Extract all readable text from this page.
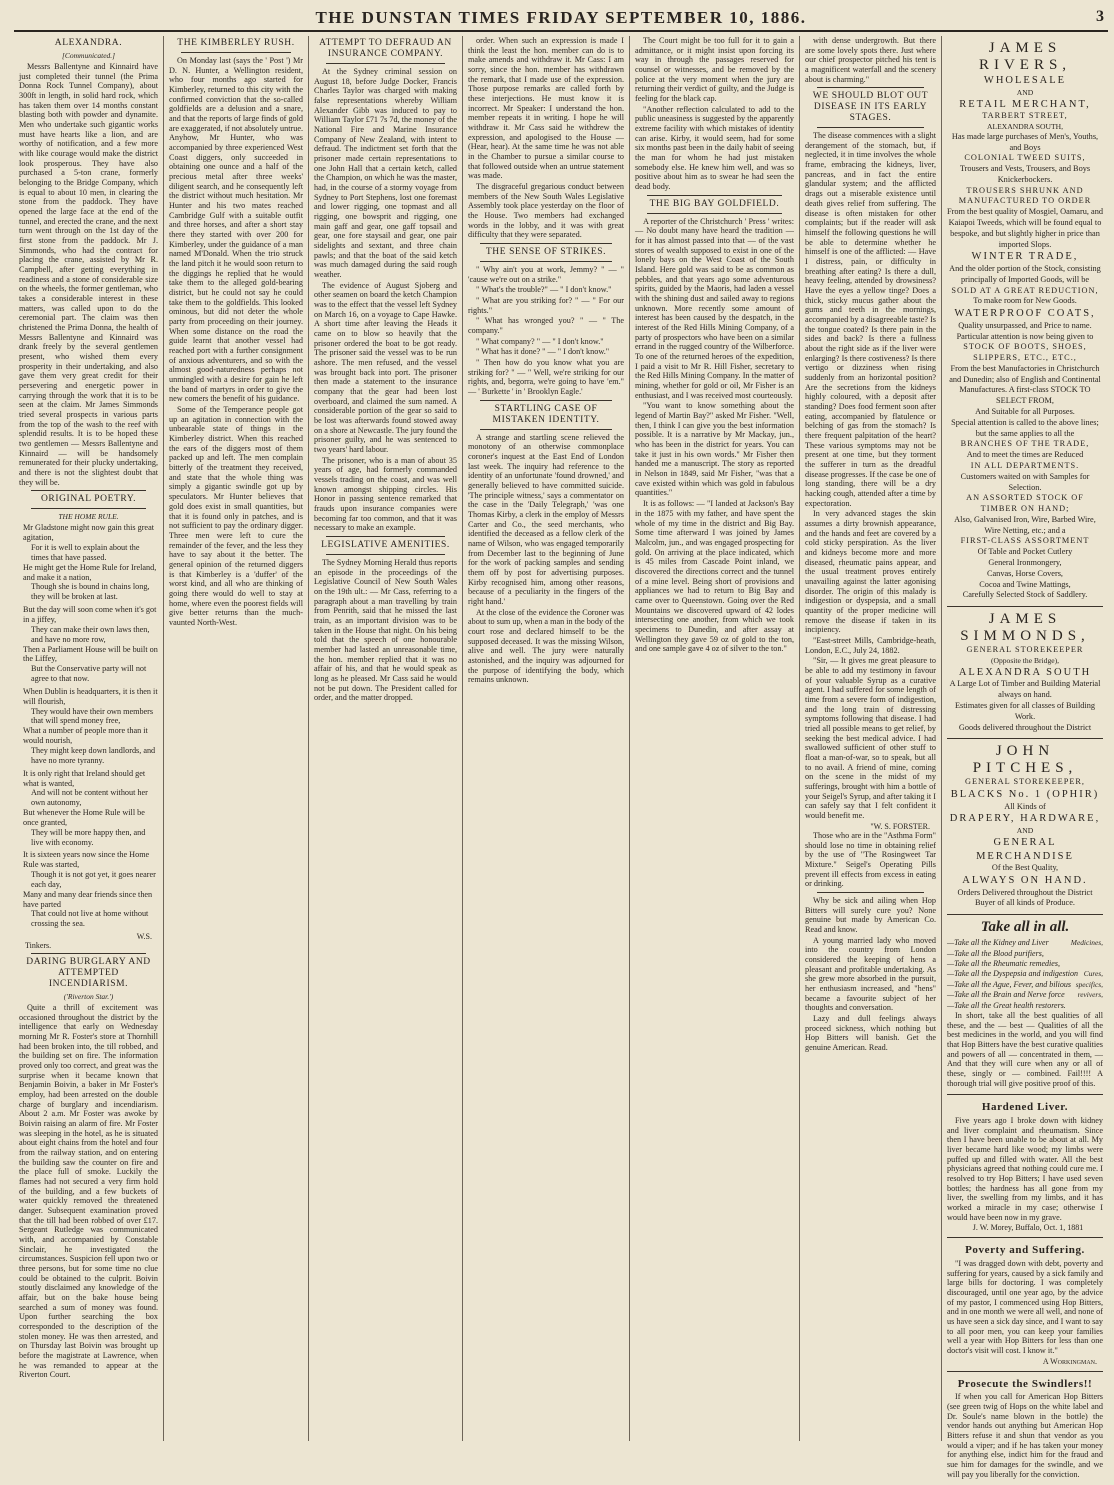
THE DUNSTAN TIMES FRIDAY SEPTEMBER 10, 1886.	3
ALEXANDRA.
[Communicated.]

Messrs Ballentyne and Kinnaird have just completed their tunnel (the Prima Donna Rock Tunnel Company), about 300ft in length, in solid hard rock, which has taken them over 14 months constant blasting both with powder and dynamite. Men who undertake such gigantic works must have hearts like a lion, and are worthy of notification, and a few more with like courage would make the district look prosperous. They have also purchased a 5-ton crane, formerly belonging to the Bridge Company, which is equal to about 10 men, in clearing the stone from the paddock. They have opened the large face at the end of the tunnel, and erected the crane, and the next turn went through on the 1st day of the first stone from the paddock. Mr J. Simmonds, who had the contract for placing the crane, assisted by Mr R. Campbell, after getting everything in readiness and a stone of considerable size on the wheels, the former gentleman, who takes a considerable interest in these matters, was called upon to do the ceremonial part. The claim was then christened the Prima Donna, the health of Messrs Ballentyne and Kinnaird was drank freely by the several gentlemen present, who wished them every prosperity in their undertaking, and also gave them very great credit for their persevering and energetic power in carrying through the work that it is to be seen at the claim. Mr James Simmonds tried several prospects in various parts from the top of the wash to the reef with splendid results. It is to be hoped these two gentlemen — Messrs Ballentyne and Kinnaird — will be handsomely remunerated for their plucky undertaking, and there is not the slightest doubt that they will be.

ORIGINAL POETRY.
THE HOME RULE.
Mr Gladstone might now gain this great agitation,
For it is well to explain about the times that have passed.
He might get the Home Rule for Ireland, and make it a nation,
Though she is bound in chains long, they will be broken at last.
But the day will soon come when it's got in a jiffey,
They can make their own laws then, and have no more row,
Then a Parliament House will be built on the Liffey,
But the Conservative party will not agree to that now.
When Dublin is headquarters, it is then it will flourish,
They would have their own members that will spend money free,
What a number of people more than it would nourish,
They might keep down landlords, and have no more tyranny.
It is only right that Ireland should get what is wanted,
And will not be content without her own autonomy,
But whenever the Home Rule will be once granted,
They will be more happy then, and live with economy.
It is sixteen years now since the Home Rule was started,
Though it is not got yet, it goes nearer each day,
Many and many dear friends since then have parted
That could not live at home without crossing the sea.
W.S.
Tinkers.
DARING BURGLARY AND ATTEMPTED INCENDIARISM.
('Riverton Star.')

Quite a thrill of excitement was occasioned throughout the district by the intelligence that early on Wednesday morning Mr R. Foster's store at Thornhill had been broken into, the till robbed, and the building set on fire. The information proved only too correct, and great was the surprise when it became known that Benjamin Boivin, a baker in Mr Foster's employ, had been arrested on the double charge of burglary and incendiarism. About 2 a.m. Mr Foster was awoke by Boivin raising an alarm of fire. Mr Foster was sleeping in the hotel, as he is situated about eight chains from the hotel and four from the railway station, and on entering the building saw the counter on fire and the place full of smoke. Luckily the flames had not secured a very firm hold of the building, and a few buckets of water quickly removed the threatened danger. Subsequent examination proved that the till had been robbed of over £17. Sergeant Rutledge was communicated with, and accompanied by Constable Sinclair, he investigated the circumstances. Suspicion fell upon two or three persons, but for some time no clue could be obtained to the culprit. Boivin stoutly disclaimed any knowledge of the affair, but on the bake house being searched a sum of money was found. Upon further searching the box corresponded to the description of the stolen money. He was then arrested, and on Thursday last Boivin was brought up before the magistrate at Lawrence, when he was remanded to appear at the Riverton Court.

THE KIMBERLEY RUSH.

On Monday last (says the ' Post ') Mr D. N. Hunter, a Wellington resident, who four months ago started for Kimberley, returned to this city with the confirmed conviction that the so-called goldfields are a delusion and a snare, and that the reports of large finds of gold are exaggerated, if not absolutely untrue. Anyhow, Mr Hunter, who was accompanied by three experienced West Coast diggers, only succeeded in obtaining one ounce and a half of the precious metal after three weeks' diligent search, and he consequently left the district without much hesitation. Mr Hunter and his two mates reached Cambridge Gulf with a suitable outfit and three horses, and after a short stay there they started with over 200 for Kimberley, under the guidance of a man named M'Donald. When the trio struck the land pitch it he would soon return to the diggings he replied that he would take them to the alleged gold-bearing district, but he could not say he could take them to the goldfields. This looked ominous, but did not deter the whole party from proceeding on their journey. When some distance on the road the guide learnt that another vessel had reached port with a further consignment of anxious adventurers, and so with the almost good-naturedness perhaps not unmingled with a desire for gain he left the band of martyrs in order to give the new comers the benefit of his guidance.

Some of the Temperance people got up an agitation in connection with the unbearable state of things in the Kimberley district. When this reached the ears of the diggers most of them packed up and left. The men complain bitterly of the treatment they received, and state that the whole thing was simply a gigantic swindle got up by speculators. Mr Hunter believes that gold does exist in small quantities, but that it is found only in patches, and is not sufficient to pay the ordinary digger. Three men were left to cure the remainder of the fever, and the less they have to say about it the better. The general opinion of the returned diggers is that Kimberley is a 'duffer' of the worst kind, and all who are thinking of going there would do well to stay at home, where even the poorest fields will give better returns than the much-vaunted North-West.

ATTEMPT TO DEFRAUD AN INSURANCE COMPANY.

At the Sydney criminal session on August 18, before Judge Docker, Francis Charles Taylor was charged with making false representations whereby William Alexander Gibb was induced to pay to William Taylor £71 7s 7d, the money of the National Fire and Marine Insurance Company of New Zealand, with intent to defraud. The indictment set forth that the prisoner made certain representations to one John Hall that a certain ketch, called the Champion, on which he was the master, had, in the course of a stormy voyage from Sydney to Port Stephens, lost one foremast and lower rigging, one topmast and all rigging, one bowsprit and rigging, one main gaff and gear, one gaff topsail and gear, one fore staysail and gear, one pair sidelights and sextant, and three chain pawls; and that the boat of the said ketch was much damaged during the said rough weather.

The evidence of August Sjoberg and other seamen on board the ketch Champion was to the effect that the vessel left Sydney on March 16, on a voyage to Cape Hawke. A short time after leaving the Heads it came on to blow so heavily that the prisoner ordered the boat to be got ready. The prisoner said the vessel was to be run ashore. The men refused, and the vessel was brought back into port. The prisoner then made a statement to the insurance company that the gear had been lost overboard, and claimed the sum named. A considerable portion of the gear so said to be lost was afterwards found stowed away on a shore at Newcastle. The jury found the prisoner guilty, and he was sentenced to two years' hard labour.

The prisoner, who is a man of about 35 years of age, had formerly commanded vessels trading on the coast, and was well known amongst shipping circles. His Honor in passing sentence remarked that frauds upon insurance companies were becoming far too common, and that it was necessary to make an example.

LEGISLATIVE AMENITIES.

The Sydney Morning Herald thus reports an episode in the proceedings of the Legislative Council of New South Wales on the 19th ult.: — Mr Cass, referring to a paragraph about a man travelling by train from Penrith, said that he missed the last train, as an important division was to be taken in the House that night. On his being told that the speech of one honourable member had lasted an unreasonable time, the hon. member replied that it was no affair of his, and that he would speak as long as he pleased. Mr Cass said he would not be put down. The President called for order, and the matter dropped.

order. When such an expression is made I think the least the hon. member can do is to make amends and withdraw it. Mr Cass: I am sorry, since the hon. member has withdrawn the remark, that I made use of the expression. Those purpose remarks are called forth by these interjections. He must know it is incorrect. Mr Speaker: I understand the hon. member repeats it in writing. I hope he will withdraw it. Mr Cass said he withdrew the expression, and apologised to the House — (Hear, hear). At the same time he was not able in the Chamber to pursue a similar course to that followed outside when an untrue statement was made.

The disgraceful gregarious conduct between members of the New South Wales Legislative Assembly took place yesterday on the floor of the House. Two members had exchanged words in the lobby, and it was with great difficulty that they were separated.

THE SENSE OF STRIKES.

" Why ain't you at work, Jemmy? " — " 'cause we're out on a strike."

" What's the trouble?" — " I don't know."

" What are you striking for? " — " For our rights."

" What has wronged you? " — " The company."

" What company? " — " I don't know."

" What has it done? " — " I don't know."

" Then how do you know what you are striking for? " — " Well, we're striking for our rights, and, begorra, we're going to have 'em." — ' Burkette ' in ' Brooklyn Eagle.'

STARTLING CASE OF MISTAKEN IDENTITY.

A strange and startling scene relieved the monotony of an otherwise commonplace coroner's inquest at the East End of London last week. The inquiry had reference to the identity of an unfortunate 'found drowned,' and generally believed to have committed suicide. 'The principle witness,' says a commentator on the case in the 'Daily Telegraph,' 'was one Thomas Kirby, a clerk in the employ of Messrs Carter and Co., the seed merchants, who identified the deceased as a fellow clerk of the name of Wilson, who was engaged temporarily from December last to the beginning of June for the work of packing samples and sending them off by post for advertising purposes. Kirby recognised him, among other reasons, because of a peculiarity in the fingers of the right hand.'

At the close of the evidence the Coroner was about to sum up, when a man in the body of the court rose and declared himself to be the supposed deceased. It was the missing Wilson, alive and well. The jury were naturally astonished, and the inquiry was adjourned for the purpose of identifying the body, which remains unknown.

The Court might be too full for it to gain a admittance, or it might insist upon forcing its way in through the passages reserved for counsel or witnesses, and be removed by the police at the very moment when the jury are returning their verdict of guilty, and the Judge is feeling for the black cap.

"Another reflection calculated to add to the public uneasiness is suggested by the apparently extreme facility with which mistakes of identity can arise. Kirby, it would seem, had for some six months past been in the daily habit of seeing the man for whom he had just mistaken somebody else. He knew him well, and was so positive about him as to swear he had seen the dead body.

THE BIG BAY GOLDFIELD.

A reporter of the Christchurch ' Press ' writes: — No doubt many have heard the tradition — for it has almost passed into that — of the vast stores of wealth supposed to exist in one of the lonely bays on the West Coast of the South Island. Here gold was said to be as common as pebbles, and that years ago some adventurous spirits, guided by the Maoris, had laden a vessel with the shining dust and sailed away to regions unknown. More recently some amount of interest has been caused by the despatch, in the interest of the Red Hills Mining Company, of a party of prospectors who have been on a similar errand in the rugged country of the Wilberforce. To one of the returned heroes of the expedition, I paid a visit to Mr R. Hill Fisher, secretary to the Red Hills Mining Company. In the matter of mining, whether for gold or oil, Mr Fisher is an enthusiast, and I was received most courteously.

"You want to know something about the legend of Martin Bay?" asked Mr Fisher. "Well, then, I think I can give you the best information possible. It is a narrative by Mr Mackay, jun., who has been in the district for years. You can take it just in his own words." Mr Fisher then handed me a manuscript. The story as reported in Nelson in 1849, said Mr Fisher, "was that a cave existed within which was gold in fabulous quantities."

It is as follows: — "I landed at Jackson's Bay in the 1875 with my father, and have spent the whole of my time in the district and Big Bay. Some time afterward I was joined by James Malcolm, jun., and was engaged prospecting for gold. On arriving at the place indicated, which is 45 miles from Cascade Point inland, we discovered the directions correct and the tunnel of a mine level. Being short of provisions and appliances we had to return to Big Bay and came over to Queenstown. Going over the Red Mountains we discovered upward of 42 lodes intersecting one another, from which we took specimens to Dunedin, and after assay at Wellington they gave 59 oz of gold to the ton, and one sample gave 4 oz of silver to the ton."

with dense undergrowth. But there are some lovely spots there. Just where our chief prospector pitched his tent is a magnificent waterfall and the scenery about is charming."

WE SHOULD BLOT OUT DISEASE IN ITS EARLY STAGES.

The disease commences with a slight derangement of the stomach, but, if neglected, it in time involves the whole frame, embracing the kidneys, liver, pancreas, and in fact the entire glandular system; and the afflicted drags out a miserable existence until death gives relief from suffering. The disease is often mistaken for other complaints; but if the reader will ask himself the following questions he will be able to determine whether he himself is one of the afflicted: — Have I distress, pain, or difficulty in breathing after eating? Is there a dull, heavy feeling, attended by drowsiness? Have the eyes a yellow tinge? Does a thick, sticky mucus gather about the gums and teeth in the mornings, accompanied by a disagreeable taste? Is the tongue coated? Is there pain in the sides and back? Is there a fullness about the right side as if the liver were enlarging? Is there costiveness? Is there vertigo or dizziness when rising suddenly from an horizontal position? Are the secretions from the kidneys highly coloured, with a deposit after standing? Does food ferment soon after eating, accompanied by flatulence or belching of gas from the stomach? Is there frequent palpitation of the heart? These various symptoms may not be present at one time, but they torment the sufferer in turn as the dreadful disease progresses. If the case be one of long standing, there will be a dry hacking cough, attended after a time by expectoration.

In very advanced stages the skin assumes a dirty brownish appearance, and the hands and feet are covered by a cold sticky perspiration. As the liver and kidneys become more and more diseased, rheumatic pains appear, and the usual treatment proves entirely unavailing against the latter agonising disorder. The origin of this malady is indigestion or dyspepsia, and a small quantity of the proper medicine will remove the disease if taken in its incipiency.

"East-street Mills, Cambridge-heath, London, E.C., July 24, 1882.

"Sir, — It gives me great pleasure to be able to add my testimony in favour of your valuable Syrup as a curative agent. I had suffered for some length of time from a severe form of indigestion, and the long train of distressing symptoms following that disease. I had tried all possible means to get relief, by seeking the best medical advice. I had swallowed sufficient of other stuff to float a man-of-war, so to speak, but all to no avail. A friend of mine, coming on the scene in the midst of my sufferings, brought with him a bottle of your Seigel's Syrup, and after taking it I can safely say that I felt confident it would benefit me.

"W. S. FORSTER.

Those who are in the "Asthma Form" should lose no time in obtaining relief by the use of "The Rosingweet Tar Mixture." Seigel's Operating Pills prevent ill effects from excess in eating or drinking.

Why be sick and ailing when Hop Bitters will surely cure you? None genuine but made by American Co. Read and know.

A young married lady who moved into the country from London considered the keeping of hens a pleasant and profitable undertaking. As she grew more absorbed in the pursuit, her enthusiasm increased, and "hens" became a favourite subject of her thoughts and conversation.

Lazy and dull feelings always proceed sickness, which nothing but Hop Bitters will banish. Get the genuine American. Read.

JAMES RIVERS,
WHOLESALE
AND
RETAIL MERCHANT,
TARBERT STREET,
ALEXANDRA SOUTH,
Has made large purchases of Men's, Youths, and Boys
COLONIAL TWEED SUITS,
Trousers and Vests, Trousers, and Boys Knickerbockers.
TROUSERS SHRUNK AND MANUFACTURED TO ORDER
From the best quality of Mosgiel, Oamaru, and Kaiapoi Tweeds, which will be found equal to bespoke, and but slightly higher in price than imported Slops.
WINTER TRADE,
And the older portion of the Stock, consisting principally of Imported Goods, will be
SOLD AT A GREAT REDUCTION,
To make room for New Goods.
WATERPROOF COATS,
Quality unsurpassed, and Price to name.
Particular attention is now being given to
STOCK OF BOOTS, SHOES, SLIPPERS, ETC., ETC.,
From the best Manufactories in Christchurch and Dunedin; also of English and Continental Manufactures. A first-class STOCK TO SELECT FROM,
And Suitable for all Purposes.
Special attention is called to the above lines; but the same applies to all the
BRANCHES OF THE TRADE,
And to meet the times are Reduced
IN ALL DEPARTMENTS.
Customers waited on with Samples for Selection.
AN ASSORTED STOCK OF TIMBER ON HAND;
Also, Galvanised Iron, Wire, Barbed Wire, Wire Netting, etc.; and a
FIRST-CLASS ASSORTMENT
Of Table and Pocket Cutlery
General Ironmongery,
Canvas, Horse Covers,
Cocoa and Twine Mattings,
Carefully Selected Stock of Saddlery.
JAMES SIMMONDS,
GENERAL STOREKEEPER
(Opposite the Bridge),
ALEXANDRA SOUTH
A Large Lot of Timber and Building Material always on hand.
Estimates given for all classes of Building Work.
Goods delivered throughout the District
JOHN PITCHES,
GENERAL STOREKEEPER,
BLACKS No. 1 (OPHIR)
All Kinds of
DRAPERY, HARDWARE,
AND
GENERAL MERCHANDISE
Of the Best Quality,
ALWAYS ON HAND.
Orders Delivered throughout the District
Buyer of all kinds of Produce.
Take all in all.
—Take all the Kidney and Liver	Medicines,
—Take all the Blood purifiers,
—Take all the Rheumatic remedies,
—Take all the Dyspepsia and indigestion Cures,
—Take all the Ague, Fever, and bilious specifics,
—Take all the Brain and Nerve force revivers,
—Take all the Great health restorers.

In short, take all the best qualities of all these, and the — best — Qualities of all the best medicines in the world, and you will find that Hop Bitters have the best curative qualities and powers of all — concentrated in them, — And that they will cure when any or all of these, singly or — combined. Fail!!!! A thorough trial will give positive proof of this.

Hardened Liver.

Five years ago I broke down with kidney and liver complaint and rheumatism. Since then I have been unable to be about at all. My liver became hard like wood; my limbs were puffed up and filled with water. All the best physicians agreed that nothing could cure me. I resolved to try Hop Bitters; I have used seven bottles; the hardness has all gone from my liver, the swelling from my limbs, and it has worked a miracle in my case; otherwise I would have been now in my grave.

J. W. Morey, Buffalo, Oct. 1, 1881
Poverty and Suffering.

"I was dragged down with debt, poverty and suffering for years, caused by a sick family and large bills for doctoring. I was completely discouraged, until one year ago, by the advice of my pastor, I commenced using Hop Bitters, and in one month we were all well, and none of us have seen a sick day since, and I want to say to all poor men, you can keep your families well a year with Hop Bitters for less than one doctor's visit will cost. I know it."

A Workingman.
Prosecute the Swindlers!!

If when you call for American Hop Bitters (see green twig of Hops on the white label and Dr. Soule's name blown in the bottle) the vendor hands out anything but American Hop Bitters refuse it and shun that vendor as you would a viper; and if he has taken your money for anything else, indict him for the fraud and sue him for damages for the swindle, and we will pay you liberally for the conviction.
